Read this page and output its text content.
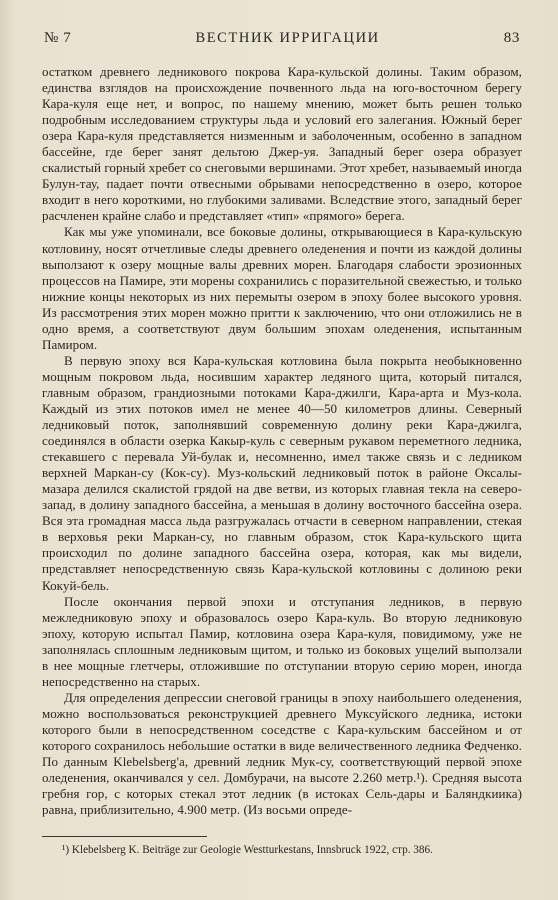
№ 7	ВЕСТНИК ИРРИГАЦИИ	83

остатком древнего ледникового покрова Кара-кульской долины. Таким образом, единства взглядов на происхождение почвенного льда на юго-восточном берегу Кара-куля еще нет, и вопрос, по нашему мнению, может быть решен только подробным исследованием структуры льда и условий его залегания. Южный берег озера Кара-куля представляется низменным и заболоченным, особенно в западном бассейне, где берег занят дельтою Джер-уя. Западный берег озера образует скалистый горный хребет со снеговыми вершинами. Этот хребет, называемый иногда Булун-тау, падает почти отвесными обрывами непосредственно в озеро, которое входит в него короткими, но глубокими заливами. Вследствие этого, западный берег расчленен крайне слабо и представляет «тип» «прямого» берега.

Как мы уже упоминали, все боковые долины, открывающиеся в Кара-кульскую котловину, носят отчетливые следы древнего оледенения и почти из каждой долины выползают к озеру мощные валы древних морен. Благодаря слабости эрозионных процессов на Памире, эти морены сохранились с поразительной свежестью, и только нижние концы некоторых из них перемыты озером в эпоху более высокого уровня. Из рассмотрения этих морен можно притти к заключению, что они отложились не в одно время, а соответствуют двум большим эпохам оледенения, испытанным Памиром.

В первую эпоху вся Кара-кульская котловина была покрыта необыкновенно мощным покровом льда, носившим характер ледяного щита, который питался, главным образом, грандиозными потоками Кара-джилги, Кара-арта и Муз-кола. Каждый из этих потоков имел не менее 40—50 километров длины. Северный ледниковый поток, заполнявший современную долину реки Кара-джилга, соединялся в области озерка Какыр-куль с северным рукавом переметного ледника, стекавшего с перевала Уй-булак и, несомненно, имел также связь и с ледником верхней Маркан-су (Кок-су). Муз-кольский ледниковый поток в районе Оксалы-мазара делился скалистой грядой на две ветви, из которых главная текла на северо-запад, в долину западного бассейна, а меньшая в долину восточного бассейна озера. Вся эта громадная масса льда разгружалась отчасти в северном направлении, стекая в верховья реки Маркан-су, но главным образом, сток Кара-кульского щита происходил по долине западного бассейна озера, которая, как мы видели, представляет непосредственную связь Кара-кульской котловины с долиною реки Кокуй-бель.

После окончания первой эпохи и отступания ледников, в первую межледниковую эпоху и образовалось озеро Кара-куль. Во вторую ледниковую эпоху, которую испытал Памир, котловина озера Кара-куля, повидимому, уже не заполнялась сплошным ледниковым щитом, и только из боковых ущелий выползали в нее мощные глетчеры, отложившие по отступании вторую серию морен, иногда непосредственно на старых.

Для определения депрессии снеговой границы в эпоху наибольшего оледенения, можно воспользоваться реконструкцией древнего Муксуйского ледника, истоки которого были в непосредственном соседстве с Кара-кульским бассейном и от которого сохранилось небольшие остатки в виде величественного ледника Федченко. По данным Klebelsberg'a, древний ледник Мук-су, соответствующий первой эпохе оледенения, оканчивался у сел. Домбурачи, на высоте 2.260 метр.¹). Средняя высота гребня гор, с которых стекал этот ледник (в истоках Сель-дары и Баляндкиика) равна, приблизительно, 4.900 метр. (Из восьми опреде-

¹) Klebelsberg K. Beiträge zur Geologie Westturkestans, Innsbruck 1922, стр. 386.
